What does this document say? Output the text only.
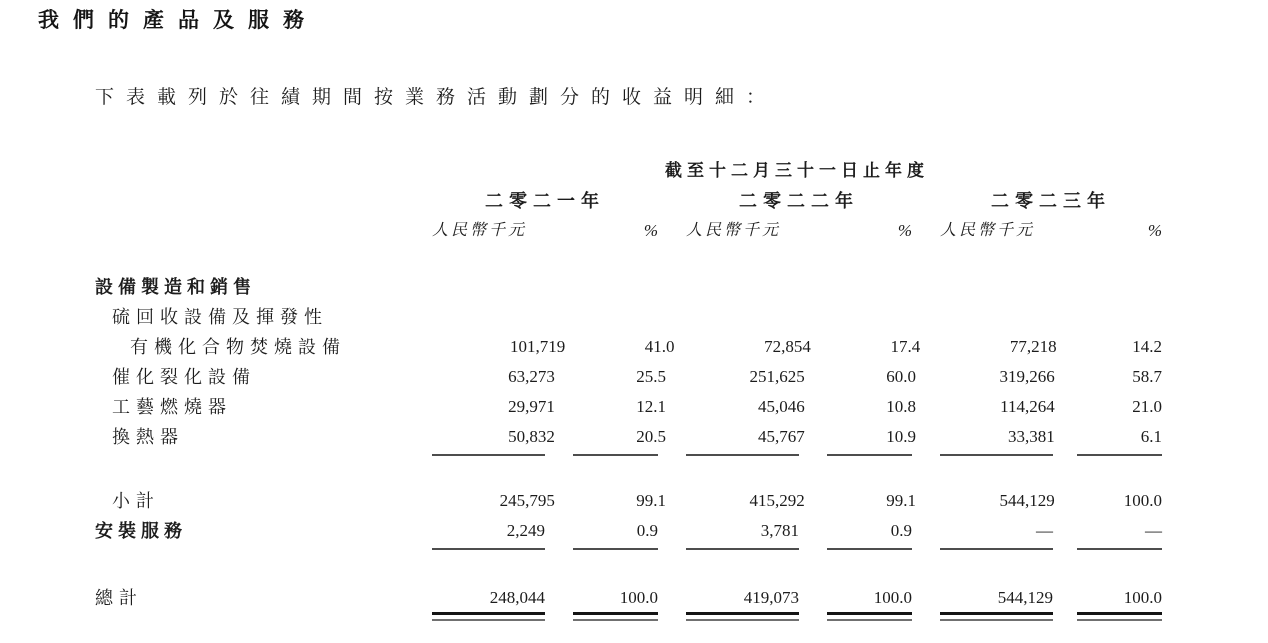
我們的產品及服務
下表載列於往績期間按業務活動劃分的收益明細：
截至十二月三十一日止年度
二零二一年	二零二二年	二零二三年
人民幣千元	% 人民幣千元	% 人民幣千元	%
設備製造和銷售
硫回收設備及揮發性
有機化合物焚燒設備	101,719	41.0	72,854	17.4	77,218	14.2
催化裂化設備	63,273	25.5	251,625	60.0	319,266	58.7
工藝燃燒器	29,971	12.1	45,046	10.8	114,264	21.0
換熱器	50,832	20.5	45,767	10.9	33,381	6.1
小計	245,795	99.1	415,292	99.1	544,129	100.0
安裝服務	2,249	0.9	3,781	0.9	—	—
總計	248,044	100.0	419,073	100.0	544,129	100.0
